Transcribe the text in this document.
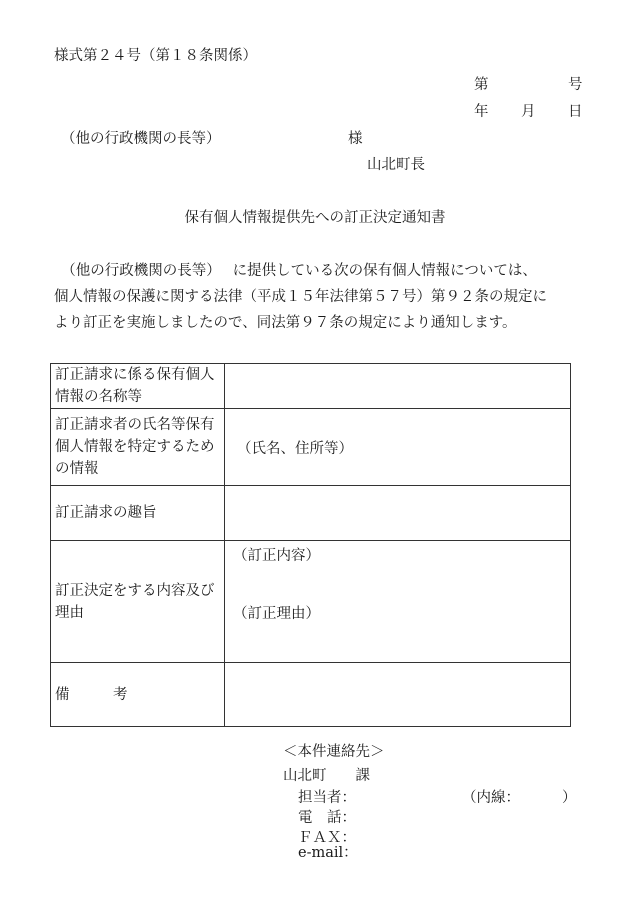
様式第２４号（第１８条関係）
第	号
年 月 日
（他の行政機関の長等）	様
山北町長
保有個人情報提供先への訂正決定通知書

　（他の行政機関の長等）　 に提供している次の保有個人情報については、

個人情報の保護に関する法律（平成１５年法律第５７号）第９２条の規定に

より訂正を実施しましたので、同法第９７条の規定により通知します。

訂正請求に係る保有個人情報の名称等	
訂正請求者の氏名等保有個人情報を特定するための情報	（氏名、住所等）
訂正請求の趣旨	
訂正決定をする内容及び理由	（訂正内容）
（訂正理由）

備　　　考	
＜本件連絡先＞
山北町　　課
担当者：	（内線：	）
電　話：
ＦＡＸ：
e-mail：
